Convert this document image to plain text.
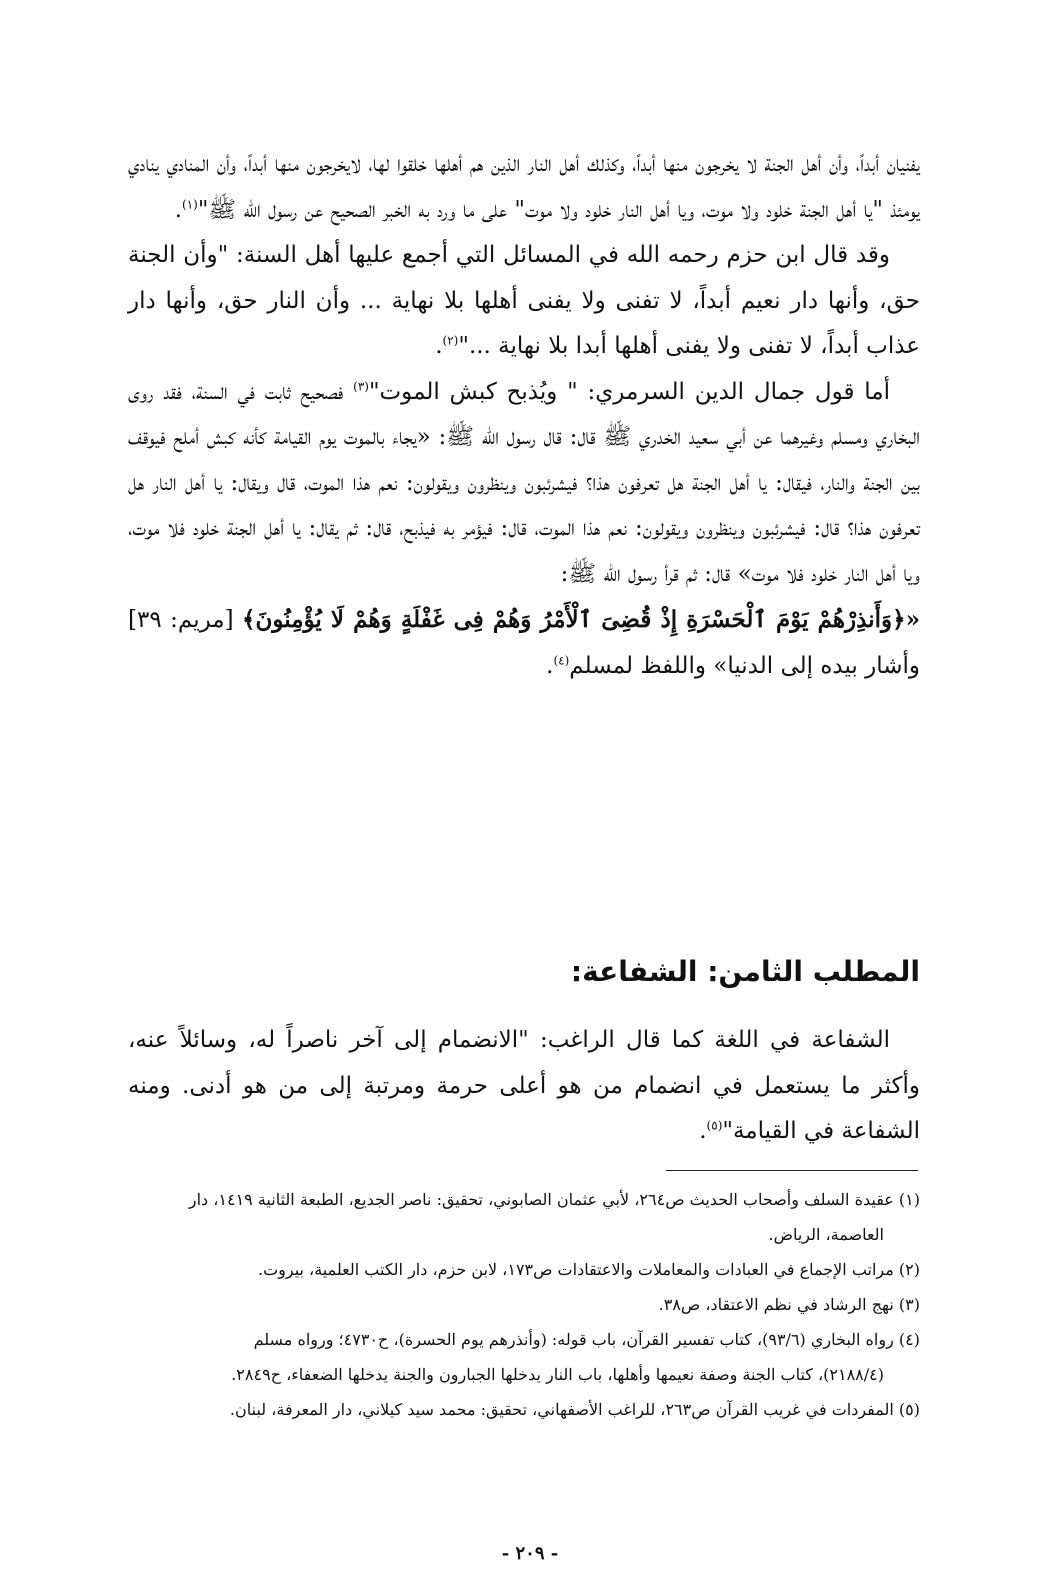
يفنيان أبداً، وأن أهل الجنة لا يخرجون منها أبداً، وكذلك أهل النار الذين هم أهلها خلقوا لها، لايخرجون منها أبداً، وأن المنادي ينادي يومئذ "يا أهل الجنة خلود ولا موت، ويا أهل النار خلود ولا موت" على ما ورد به الخبر الصحيح عن رسول الله ﷺ"$^{(١)}$.

وقد قال ابن حزم رحمه الله في المسائل التي أجمع عليها أهل السنة: "وأن الجنة حق، وأنها دار نعيم أبداً، لا تفنى ولا يفنى أهلها بلا نهاية ... وأن النار حق، وأنها دار عذاب أبداً، لا تفنى ولا يفنى أهلها أبدا بلا نهاية ..."$^{(٢)}$.

أما قول جمال الدين السرمري: " ويُذبح كبش الموت"$^{(٣)}$ فصحيح ثابت في السنة، فقد روى البخاري ومسلم وغيرهما عن أبي سعيد الخدري ﷺ قال: قال رسول الله ﷺ: «يجاء بالموت يوم القيامة كأنه كبش أملح فيوقف بين الجنة والنار، فيقال: يا أهل الجنة هل تعرفون هذا؟ فيشرئبون وينظرون ويقولون: نعم هذا الموت، قال ويقال: يا أهل النار هل تعرفون هذا؟ قال: فيشرئبون وينظرون ويقولون: نعم هذا الموت، قال: فيؤمر به فيذبح، قال: ثم يقال: يا أهل الجنة خلود فلا موت، ويا أهل النار خلود فلا موت» قال: ثم قرأ رسول الله ﷺ:

«﴿وَأَنذِرْهُمْ يَوْمَ ٱلْحَسْرَةِ إِذْ قُضِىَ ٱلْأَمْرُ وَهُمْ فِى غَفْلَةٍ وَهُمْ لَا يُؤْمِنُونَ﴾ [مريم: ٣٩] وأشار بيده إلى الدنيا» واللفظ لمسلم$^{(٤)}$.

المطلب الثامن: الشفاعة:

الشفاعة في اللغة كما قال الراغب: "الانضمام إلى آخر ناصراً له، وسائلاً عنه، وأكثر ما يستعمل في انضمام من هو أعلى حرمة ومرتبة إلى من هو أدنى. ومنه الشفاعة في القيامة"$^{(٥)}$.

(١) عقيدة السلف وأصحاب الحديث ص٢٦٤، لأبي عثمان الصابوني، تحقيق: ناصر الجديع، الطبعة الثانية ١٤١٩، دار

العاصمة، الرياض.

(٢) مراتب الإجماع في العبادات والمعاملات والاعتقادات ص١٧٣، لابن حزم، دار الكتب العلمية، بيروت.

(٣) نهج الرشاد في نظم الاعتقاد، ص٣٨.

(٤) رواه البخاري (٩٣/٦)، كتاب تفسير القرآن، باب قوله: (وأنذرهم يوم الحسرة)، ح٤٧٣٠؛ ورواه مسلم

(٢١٨٨/٤)، كتاب الجنة وصفة نعيمها وأهلها، باب النار يدخلها الجبارون والجنة يدخلها الضعفاء، ح٢٨٤٩.

(٥) المفردات في غريب القرآن ص٢٦٣، للراغب الأصفهاني، تحقيق: محمد سيد كيلاني، دار المعرفة، لبنان.

- ٢٠٩ -
